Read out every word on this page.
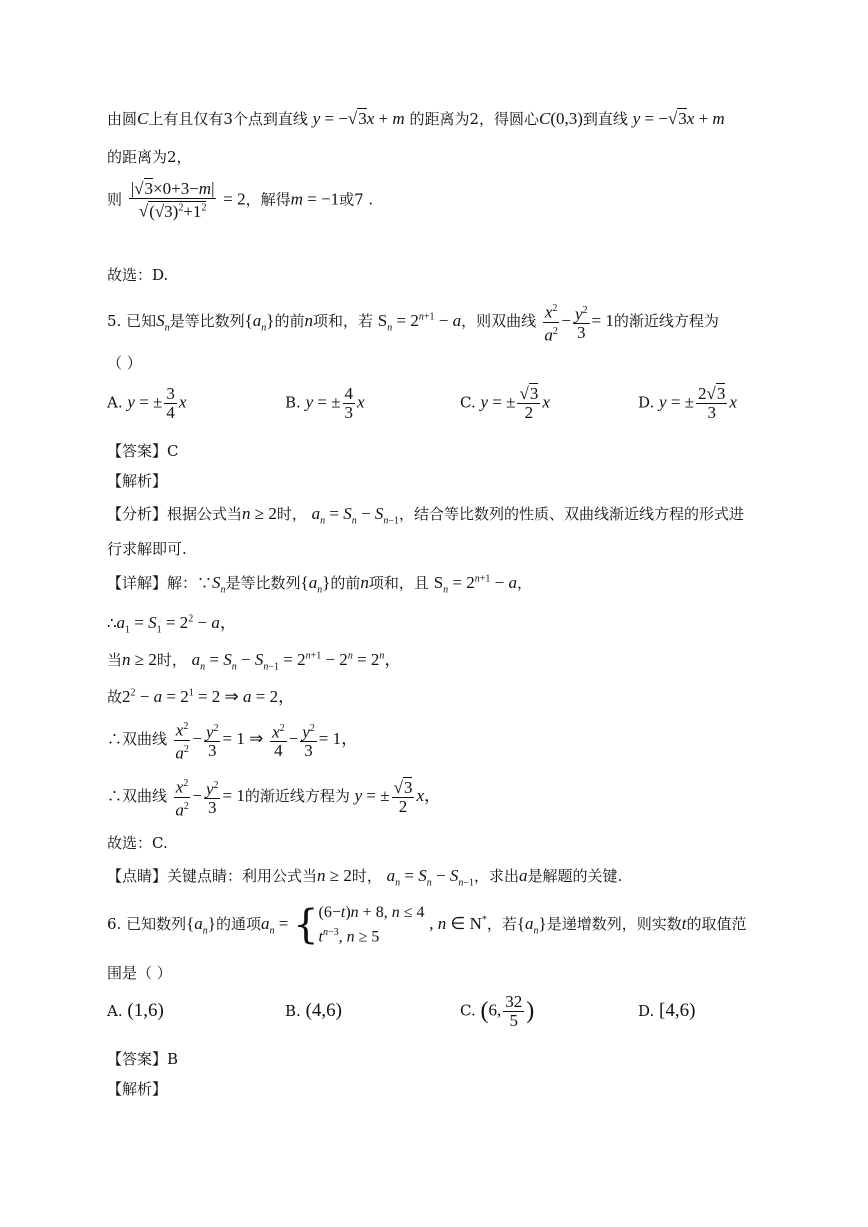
由圆C上有且仅有3个点到直线 y = −√3x + m 的距离为2，得圆心C(0,3)到直线 y = −√3x + m
的距离为2，
则 $\frac{|√3\times 0+3-m|}{√(√3)^2+1^2} = 2$，解得m = −1或7 .
故选：D.
5. 已知$S_n$是等比数列$\{a_n\}$的前n项和，若 $S_n = 2^{n+1} - a$，则双曲线 $\frac{x^2}{a^2} - \frac{y^2}{3} = 1$的渐近线方程为
（ ）
A. y = ± $\frac{3}{4}$ x	B. y = ± $\frac{4}{3}$ x	C. y = ± $\frac{√3}{2}$ x	D. y = ± $\frac{2√3}{3}$ x
【答案】C
【解析】
【分析】根据公式当n ≥ 2时， $a_n = S_n - S_{n-1}$，结合等比数列的性质、双曲线渐近线方程的形式进
行求解即可.
【详解】解：$\because S_n$是等比数列$\{a_n\}$的前n项和，且 $S_n = 2^{n+1} - a$，
$\therefore a_1 = S_1 = 2^2 - a$，
当n ≥ 2时， $a_n = S_n - S_{n-1} = 2^{n+1} - 2^n = 2^n$，
故$2^2 - a = 2^1 = 2$ ⇒ a = 2，
∴双曲线 $\frac{x^2}{a^2} - \frac{y^2}{3} = 1$ ⇒ $\frac{x^2}{4} - \frac{y^2}{3} = 1$，
∴双曲线 $\frac{x^2}{a^2} - \frac{y^2}{3} = 1$的渐近线方程为 y = ± $\frac{√3}{2}$ x，
故选：C.
【点睛】关键点睛：利用公式当n ≥ 2时， $a_n = S_n - S_{n-1}$，求出a是解题的关键.
6. 已知数列$\{a_n\}$的通项$a_n$ = { (6−t)n + 8, n ≤ 4
$t^{n-3}$, n ≥ 5
, n ∈ N*，若$\{a_n\}$是递增数列，则实数t的取值范
围是（ ）
A. (1,6)	B. (4,6)	C. (6, $\frac{32}{5}$ )	D. [4,6)
【答案】B
【解析】
